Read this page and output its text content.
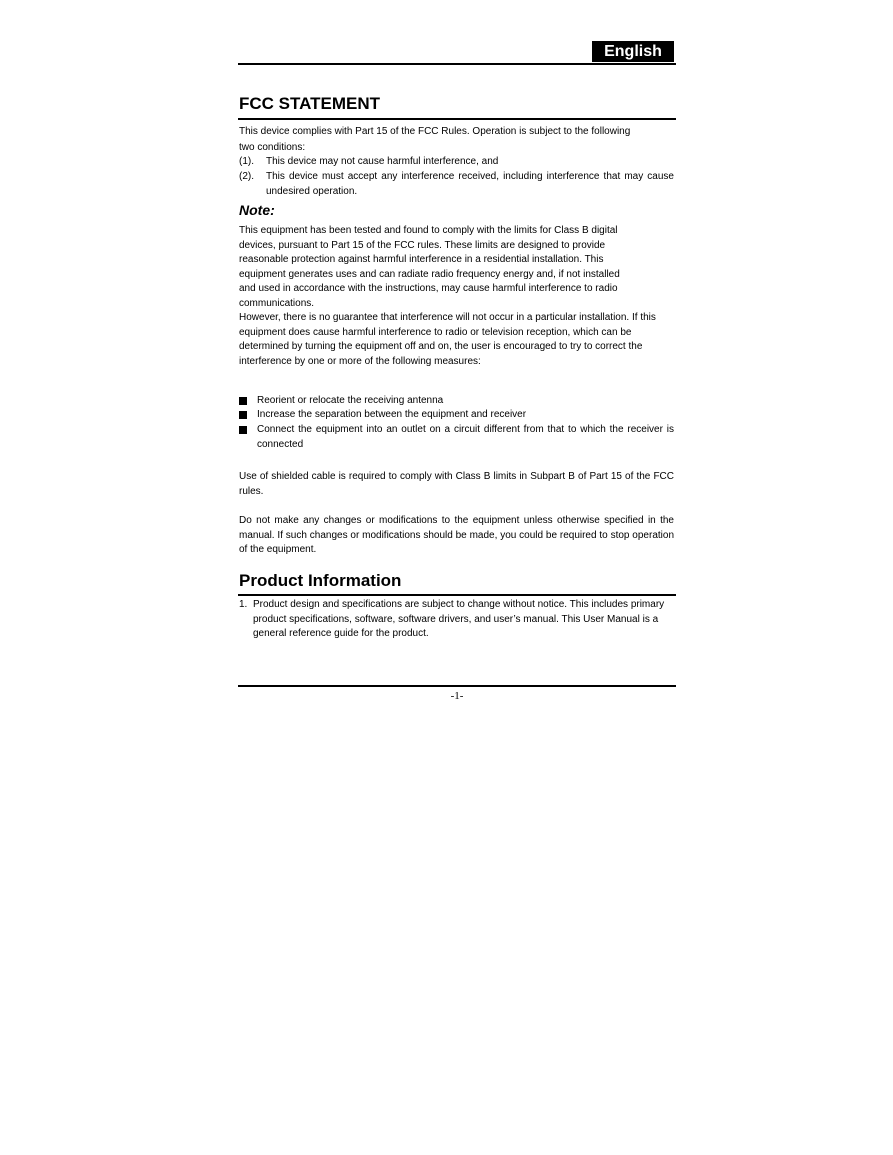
English
FCC STATEMENT

This device complies with Part 15 of the FCC Rules. Operation is subject to the following

two conditions:

(1). This device may not cause harmful interference, and

(2). This device must accept any interference received, including interference that may cause undesired operation.

Note:

This equipment has been tested and found to comply with the limits for Class B digital devices, pursuant to Part 15 of the FCC rules. These limits are designed to provide reasonable protection against harmful interference in a residential installation. This equipment generates uses and can radiate radio frequency energy and, if not installed and used in accordance with the instructions, may cause harmful interference to radio communications.

However, there is no guarantee that interference will not occur in a particular installation. If this equipment does cause harmful interference to radio or television reception, which can be determined by turning the equipment off and on, the user is encouraged to try to correct the interference by one or more of the following measures:

Reorient or relocate the receiving antenna

Increase the separation between the equipment and receiver

Connect the equipment into an outlet on a circuit different from that to which the receiver is connected

Use of shielded cable is required to comply with Class B limits in Subpart B of Part 15 of the FCC rules.

Do not make any changes or modifications to the equipment unless otherwise specified in the manual. If such changes or modifications should be made, you could be required to stop operation of the equipment.

Product Information
1. Product design and specifications are subject to change without notice. This includes primary product specifications, software, software drivers, and user’s manual. This User Manual is a general reference guide for the product.

-1-
